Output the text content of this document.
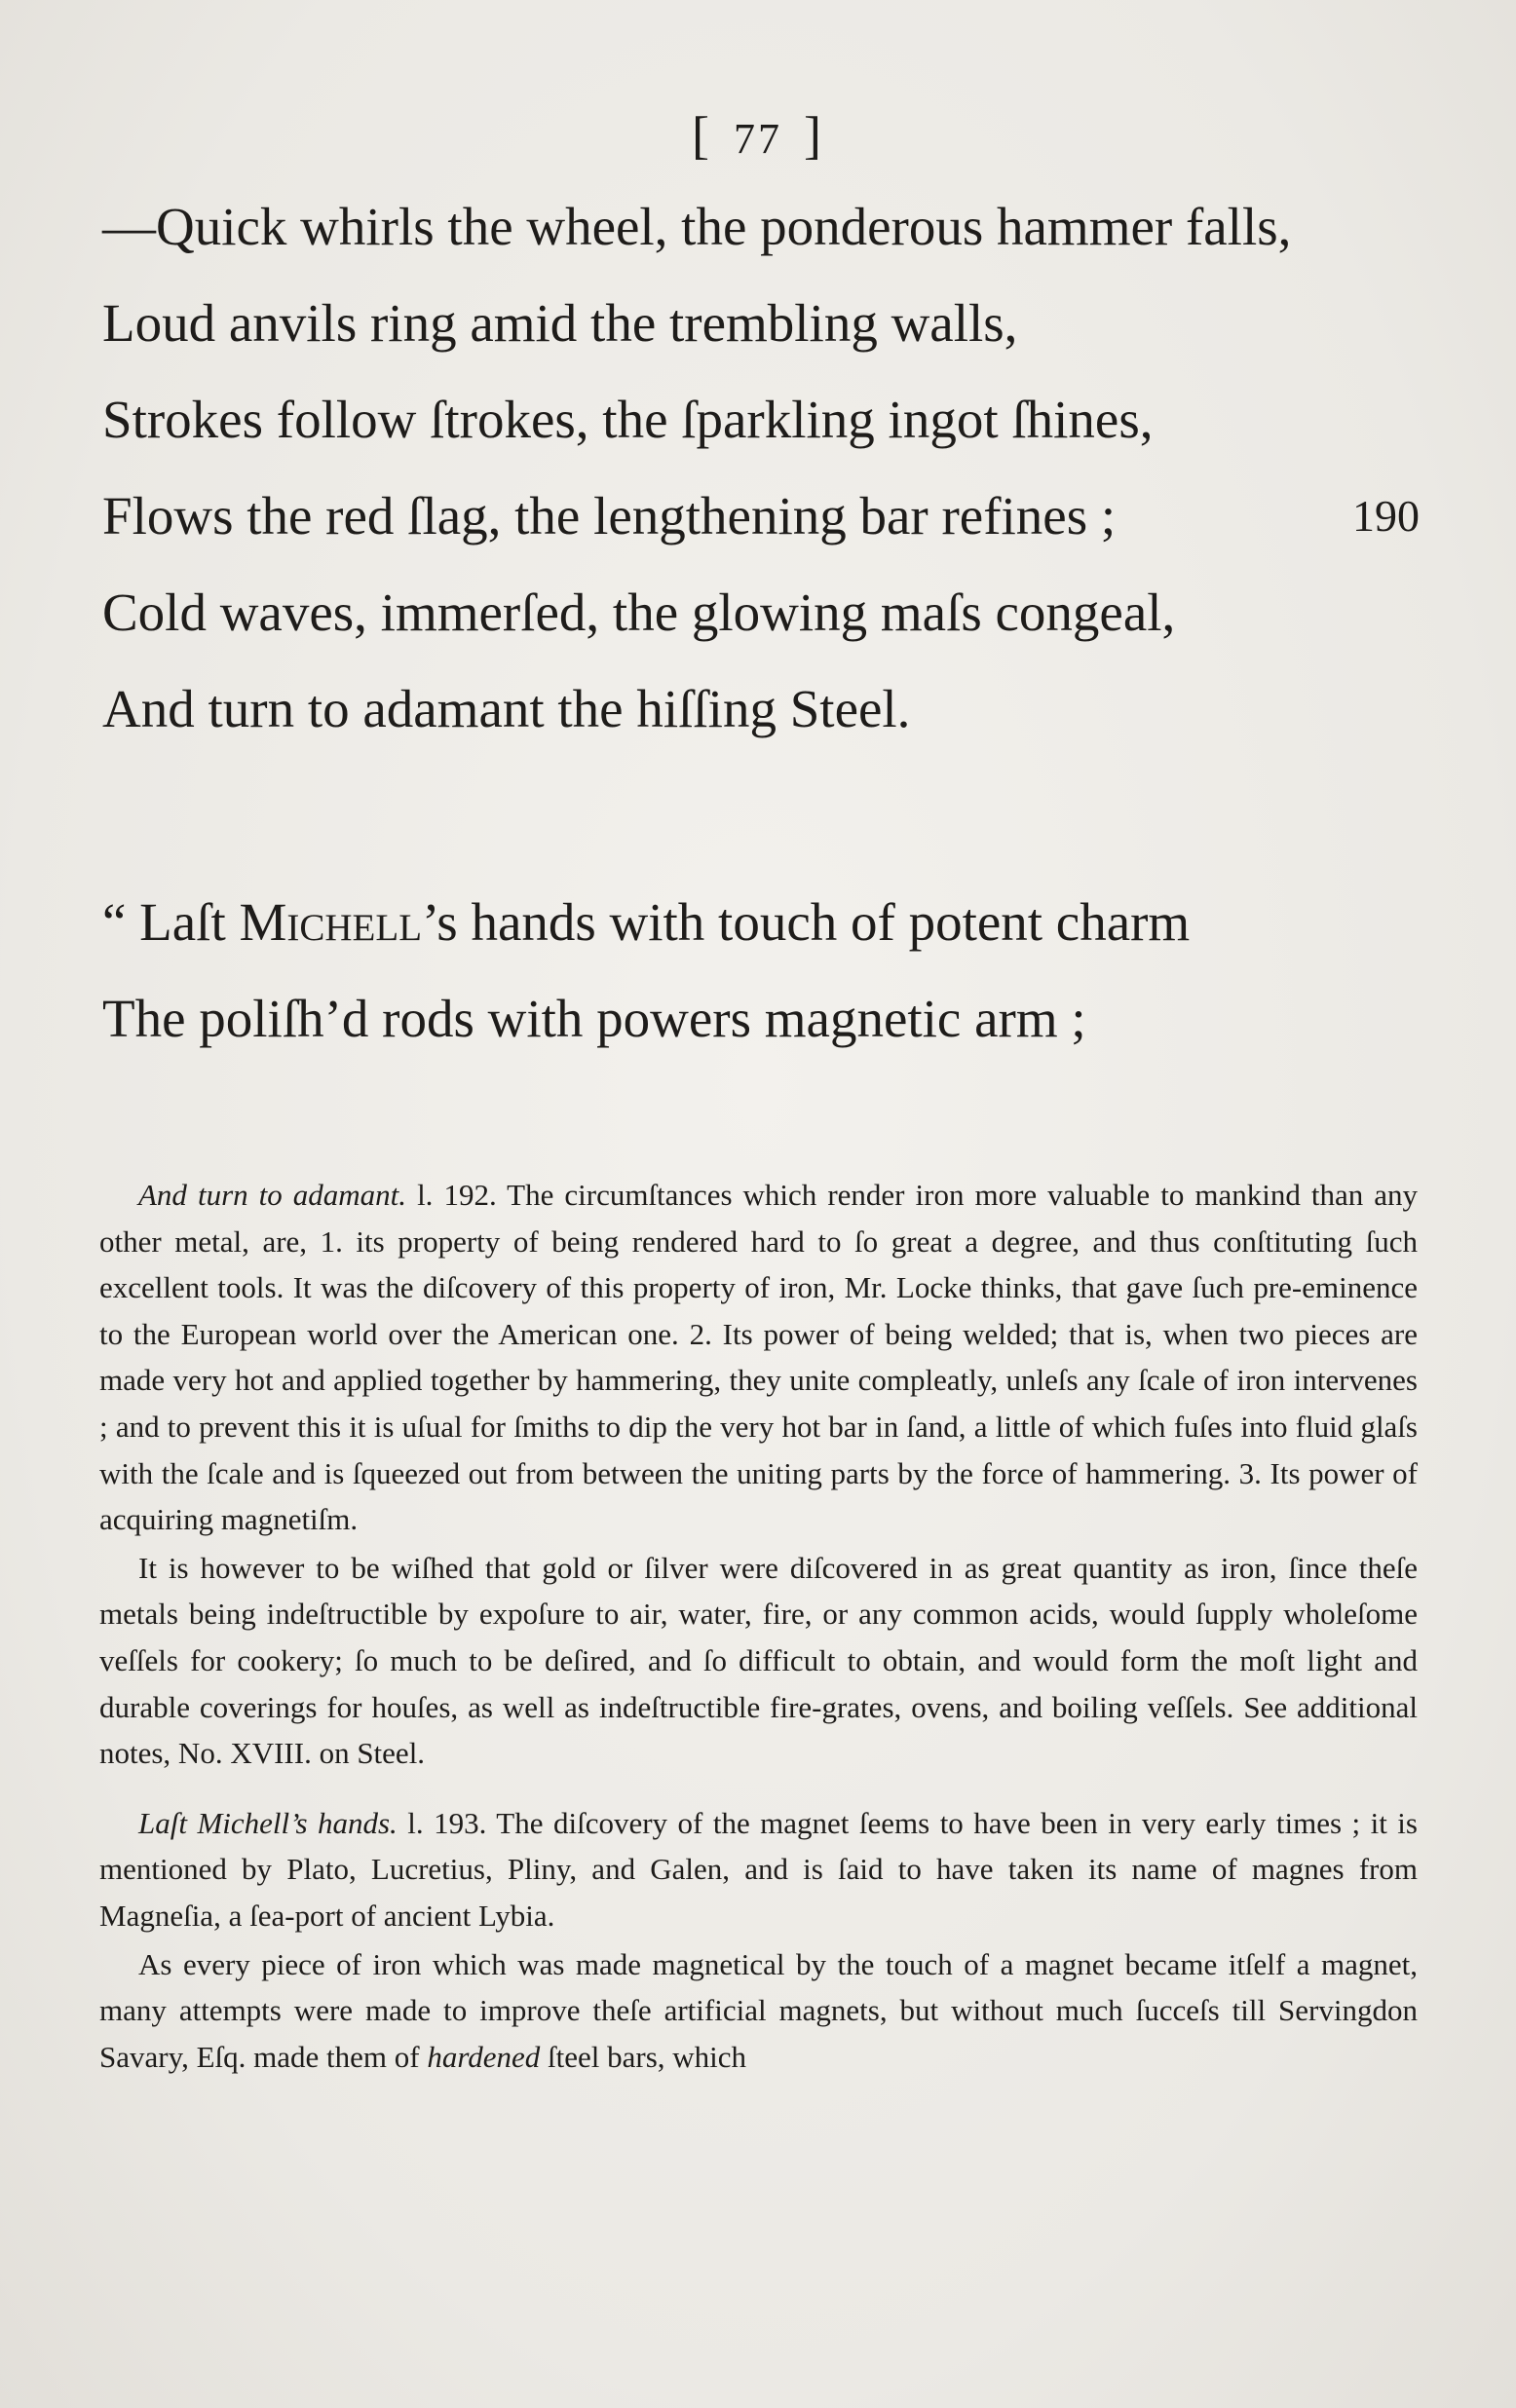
[ 77 ]
—Quick whirls the wheel, the ponderous hammer falls,
Loud anvils ring amid the trembling walls,
Strokes follow ſtrokes, the ſparkling ingot ſhines,
Flows the red ſlag, the lengthening bar refines ;	190
Cold waves, immerſed, the glowing maſs congeal,
And turn to adamant the hiſſing Steel.
“ Laſt Michell’s hands with touch of potent charm
The poliſh’d rods with powers magnetic arm ;

And turn to adamant. l. 192. The circumſtances which render iron more valuable to mankind than any other metal, are, 1. its property of being rendered hard to ſo great a degree, and thus conſtituting ſuch excellent tools. It was the diſcovery of this property of iron, Mr. Locke thinks, that gave ſuch pre-eminence to the European world over the American one. 2. Its power of being welded; that is, when two pieces are made very hot and applied together by hammering, they unite compleatly, unleſs any ſcale of iron intervenes ; and to prevent this it is uſual for ſmiths to dip the very hot bar in ſand, a little of which fuſes into fluid glaſs with the ſcale and is ſqueezed out from between the uniting parts by the force of hammering. 3. Its power of acquiring magnetiſm.

It is however to be wiſhed that gold or ſilver were diſcovered in as great quantity as iron, ſince theſe metals being indeſtructible by expoſure to air, water, fire, or any common acids, would ſupply wholeſome veſſels for cookery; ſo much to be deſired, and ſo difficult to obtain, and would form the moſt light and durable coverings for houſes, as well as indeſtructible fire-grates, ovens, and boiling veſſels. See additional notes, No. XVIII. on Steel.

Laſt Michell’s hands. l. 193. The diſcovery of the magnet ſeems to have been in very early times ; it is mentioned by Plato, Lucretius, Pliny, and Galen, and is ſaid to have taken its name of magnes from Magneſia, a ſea-port of ancient Lybia.

As every piece of iron which was made magnetical by the touch of a magnet became itſelf a magnet, many attempts were made to improve theſe artificial magnets, but without much ſucceſs till Servingdon Savary, Eſq. made them of hardened ſteel bars, which
